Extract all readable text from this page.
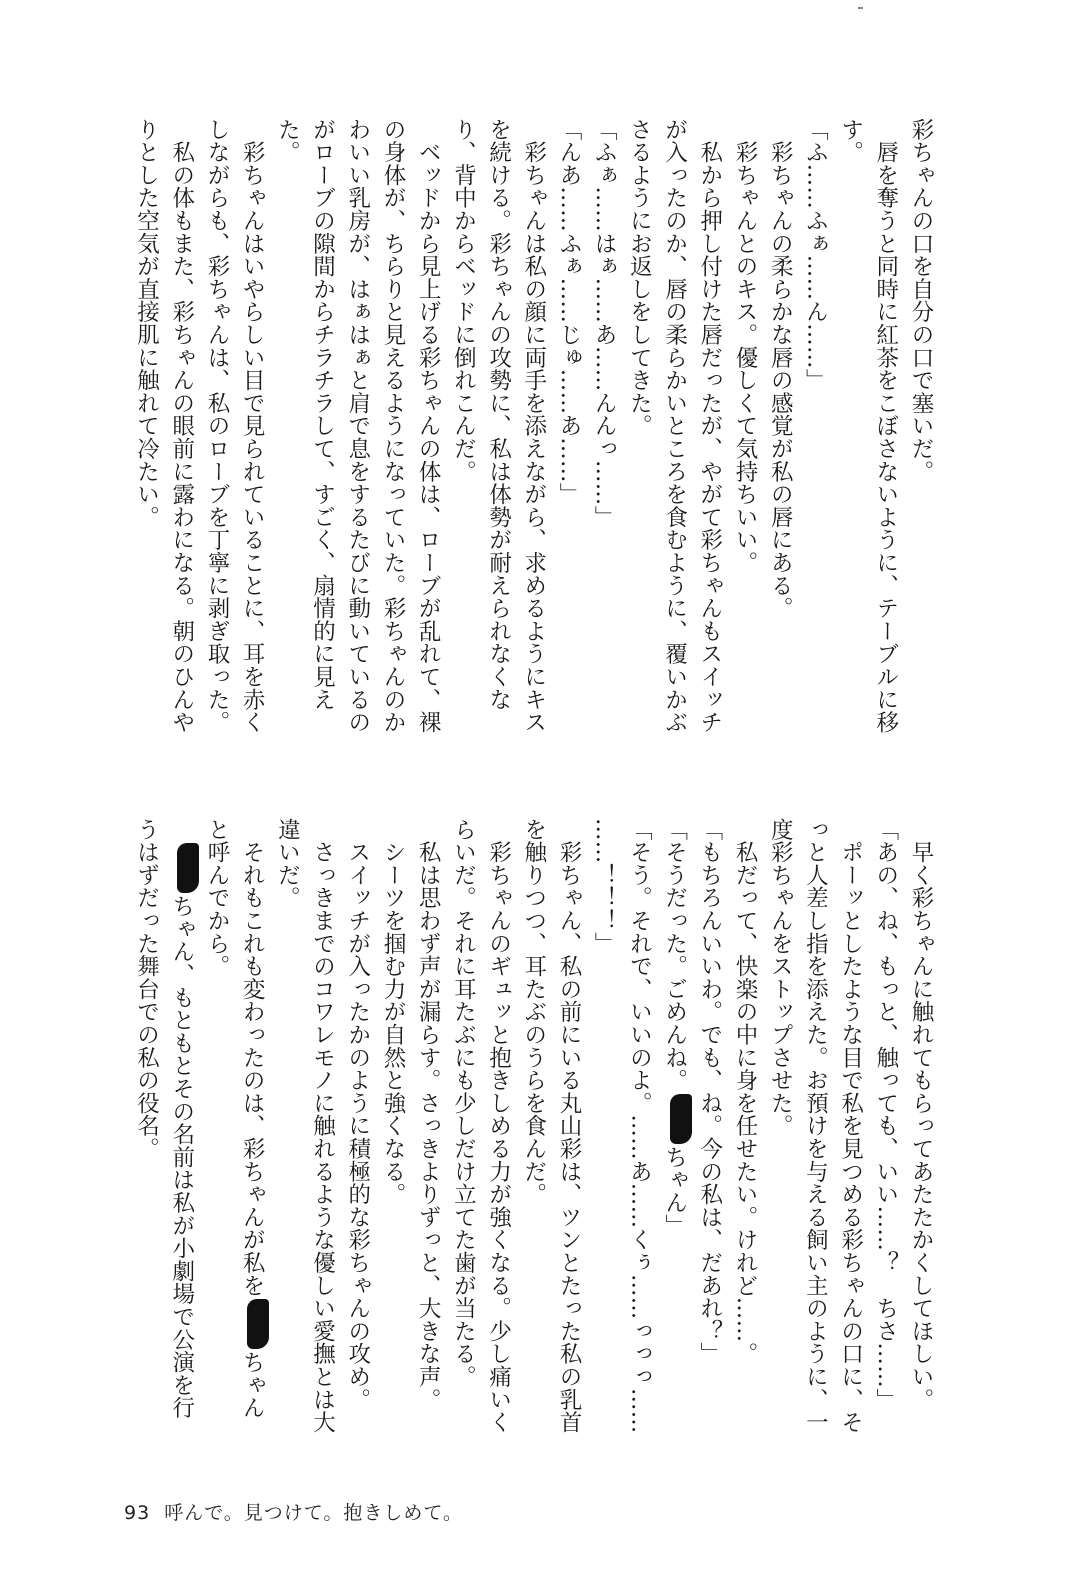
彩ちゃんの口を自分の口で塞いだ。
　唇を奪うと同時に紅茶をこぼさないように、テーブルに移
す。
「ふ……ふぁ……ん……」
　彩ちゃんの柔らかな唇の感覚が私の唇にある。
　彩ちゃんとのキス。優しくて気持ちいい。
　私から押し付けた唇だったが、やがて彩ちゃんもスイッチ
が入ったのか、唇の柔らかいところを食むように、覆いかぶ
さるようにお返しをしてきた。
「ふぁ……はぁ……あ……んんっ……」
「んあ……ふぁ……じゅ……あ……」
　彩ちゃんは私の顔に両手を添えながら、求めるようにキス
を続ける。彩ちゃんの攻勢に、私は体勢が耐えられなくな
り、背中からベッドに倒れこんだ。
　ベッドから見上げる彩ちゃんの体は、ローブが乱れて、裸
の身体が、ちらりと見えるようになっていた。彩ちゃんのか
わいい乳房が、はぁはぁと肩で息をするたびに動いているの
がローブの隙間からチラチラして、すごく、扇情的に見え
た。
　彩ちゃんはいやらしい目で見られていることに、耳を赤く
しながらも、彩ちゃんは、私のローブを丁寧に剥ぎ取った。
　私の体もまた、彩ちゃんの眼前に露わになる。朝のひんや
りとした空気が直接肌に触れて冷たい。
　早く彩ちゃんに触れてもらってあたたかくしてほしい。
「あの、ね、もっと、触っても、いい……？　ちさ……」
　ポーッとしたような目で私を見つめる彩ちゃんの口に、そ
っと人差し指を添えた。お預けを与える飼い主のように、一
度彩ちゃんをストップさせた。
　私だって、快楽の中に身を任せたい。けれど……。
「もちろんいいわ。でも、ね。今の私は、だあれ？」
「そうだった。ごめんね。ちゃん」
「そう。それで、いいのよ。……あ……くぅ……っっっ……
……！！！」
　彩ちゃん、私の前にいる丸山彩は、ツンとたった私の乳首
を触りつつ、耳たぶのうらを食んだ。
　彩ちゃんのギュッと抱きしめる力が強くなる。少し痛いく
らいだ。それに耳たぶにも少しだけ立てた歯が当たる。
　私は思わず声が漏らす。さっきよりずっと、大きな声。
　シーツを掴む力が自然と強くなる。
　スイッチが入ったかのように積極的な彩ちゃんの攻め。
　さっきまでのコワレモノに触れるような優しい愛撫とは大
違いだ。
　それもこれも変わったのは、彩ちゃんが私をちゃん
と呼んでから。
　ちゃん、もともとその名前は私が小劇場で公演を行
うはずだった舞台での私の役名。
93 呼んで。見つけて。抱きしめて。
